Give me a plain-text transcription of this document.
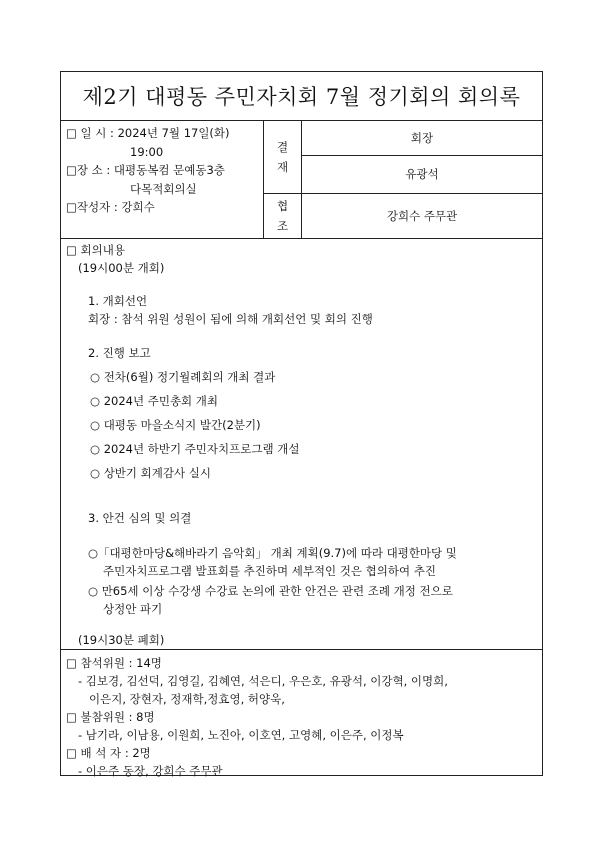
제2기 대평동 주민자치회 7월 정기회의 회의록
□ 일 시 : 2024년 7월 17일(화)
19:00
□장 소 : 대평동복컴 문예동3층
다목적회의실
□작성자 : 강희수
결
재
회장
유광석
협
조
강희수 주무관
□ 회의내용
(19시00분 개회)
1. 개회선언
회장 : 참석 위원 성원이 됨에 의해 개회선언 및 회의 진행
2. 진행 보고
○ 전차(6월) 정기월례회의 개최 결과
○ 2024년 주민총회 개최
○ 대평동 마을소식지 발간(2분기)
○ 2024년 하반기 주민자치프로그램 개설
○ 상반기 회계감사 실시
3. 안건 심의 및 의결
○「대평한마당&해바라기 음악회」 개최 계획(9.7)에 따라 대평한마당 및
주민자치프로그램 발표회를 추진하며 세부적인 것은 협의하여 추진
○ 만65세 이상 수강생 수강료 논의에 관한 안건은 관련 조례 개정 전으로
상정안 파기
(19시30분 폐회)
□ 참석위원 : 14명
- 김보경, 김선덕, 김영길, 김혜연, 석은디, 우은호, 유광석, 이강혁, 이명희,
이은지, 장현자, 정재학,정효영, 허양욱,
□ 불참위원 : 8명
- 남기라, 이남용, 이원희, 노진아, 이호연, 고영혜, 이은주, 이정복
□ 배 석 자 : 2명
- 이은주 동장, 강희수 주무관
